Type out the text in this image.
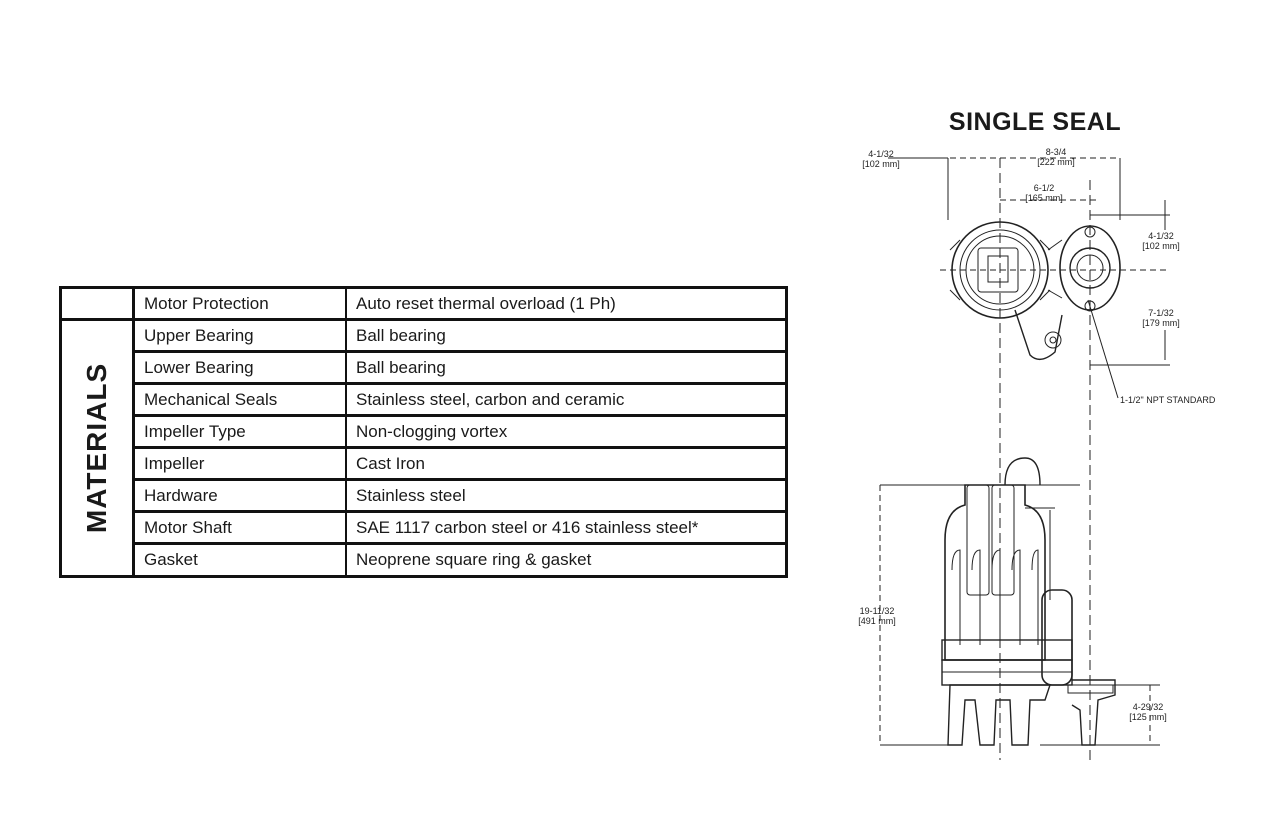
Motor Protection	Auto reset thermal overload (1 Ph)
MATERIALS
Upper Bearing	Ball bearing
Lower Bearing	Ball bearing
Mechanical Seals	Stainless steel, carbon and ceramic
Impeller Type	Non-clogging vortex
Impeller	Cast Iron
Hardware	Stainless steel
Motor Shaft	SAE 1117 carbon steel or 416 stainless steel*
Gasket	Neoprene square ring & gasket
SINGLE SEAL
4-1/32
[102 mm]
8-3/4
[222 mm]
6-1/2
[165 mm]
4-1/32
[102 mm]
7-1/32
[179 mm]
1-1/2" NPT STANDARD
19-11/32
[491 mm]
4-29/32
[125 mm]
